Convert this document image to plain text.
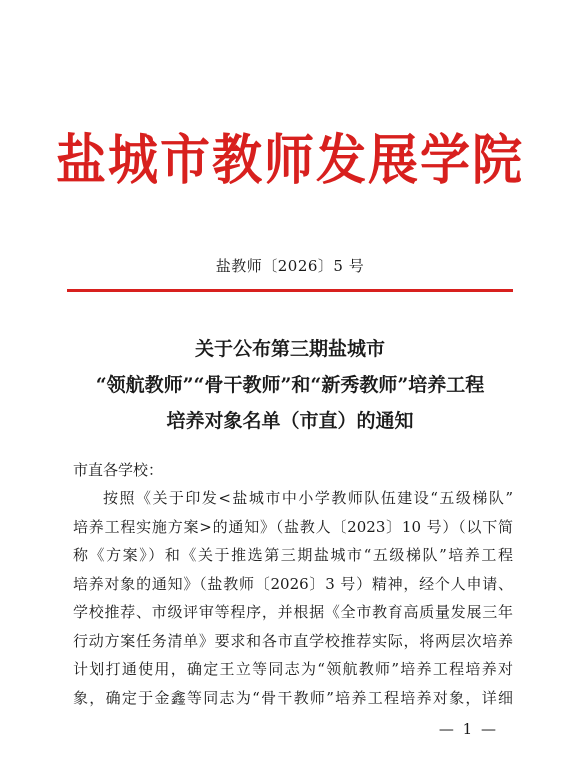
盐城市教师发展学院
盐教师〔2026〕5 号
关于公布第三期盐城市
“领航教师”“骨干教师”和“新秀教师”培养工程
培养对象名单（市直）的通知
市直各学校：
按照《关于印发<盐城市中小学教师队伍建设“五级梯队”
培养工程实施方案>的通知》（盐教人〔2023〕10 号）（以下简
称《方案》）和《关于推选第三期盐城市“五级梯队”培养工程
培养对象的通知》（盐教师〔2026〕3 号）精神，经个人申请、
学校推荐、市级评审等程序，并根据《全市教育高质量发展三年
行动方案任务清单》要求和各市直学校推荐实际，将两层次培养
计划打通使用，确定王立等同志为“领航教师”培养工程培养对
象，确定于金鑫等同志为“骨干教师”培养工程培养对象，详细
— 1 —
